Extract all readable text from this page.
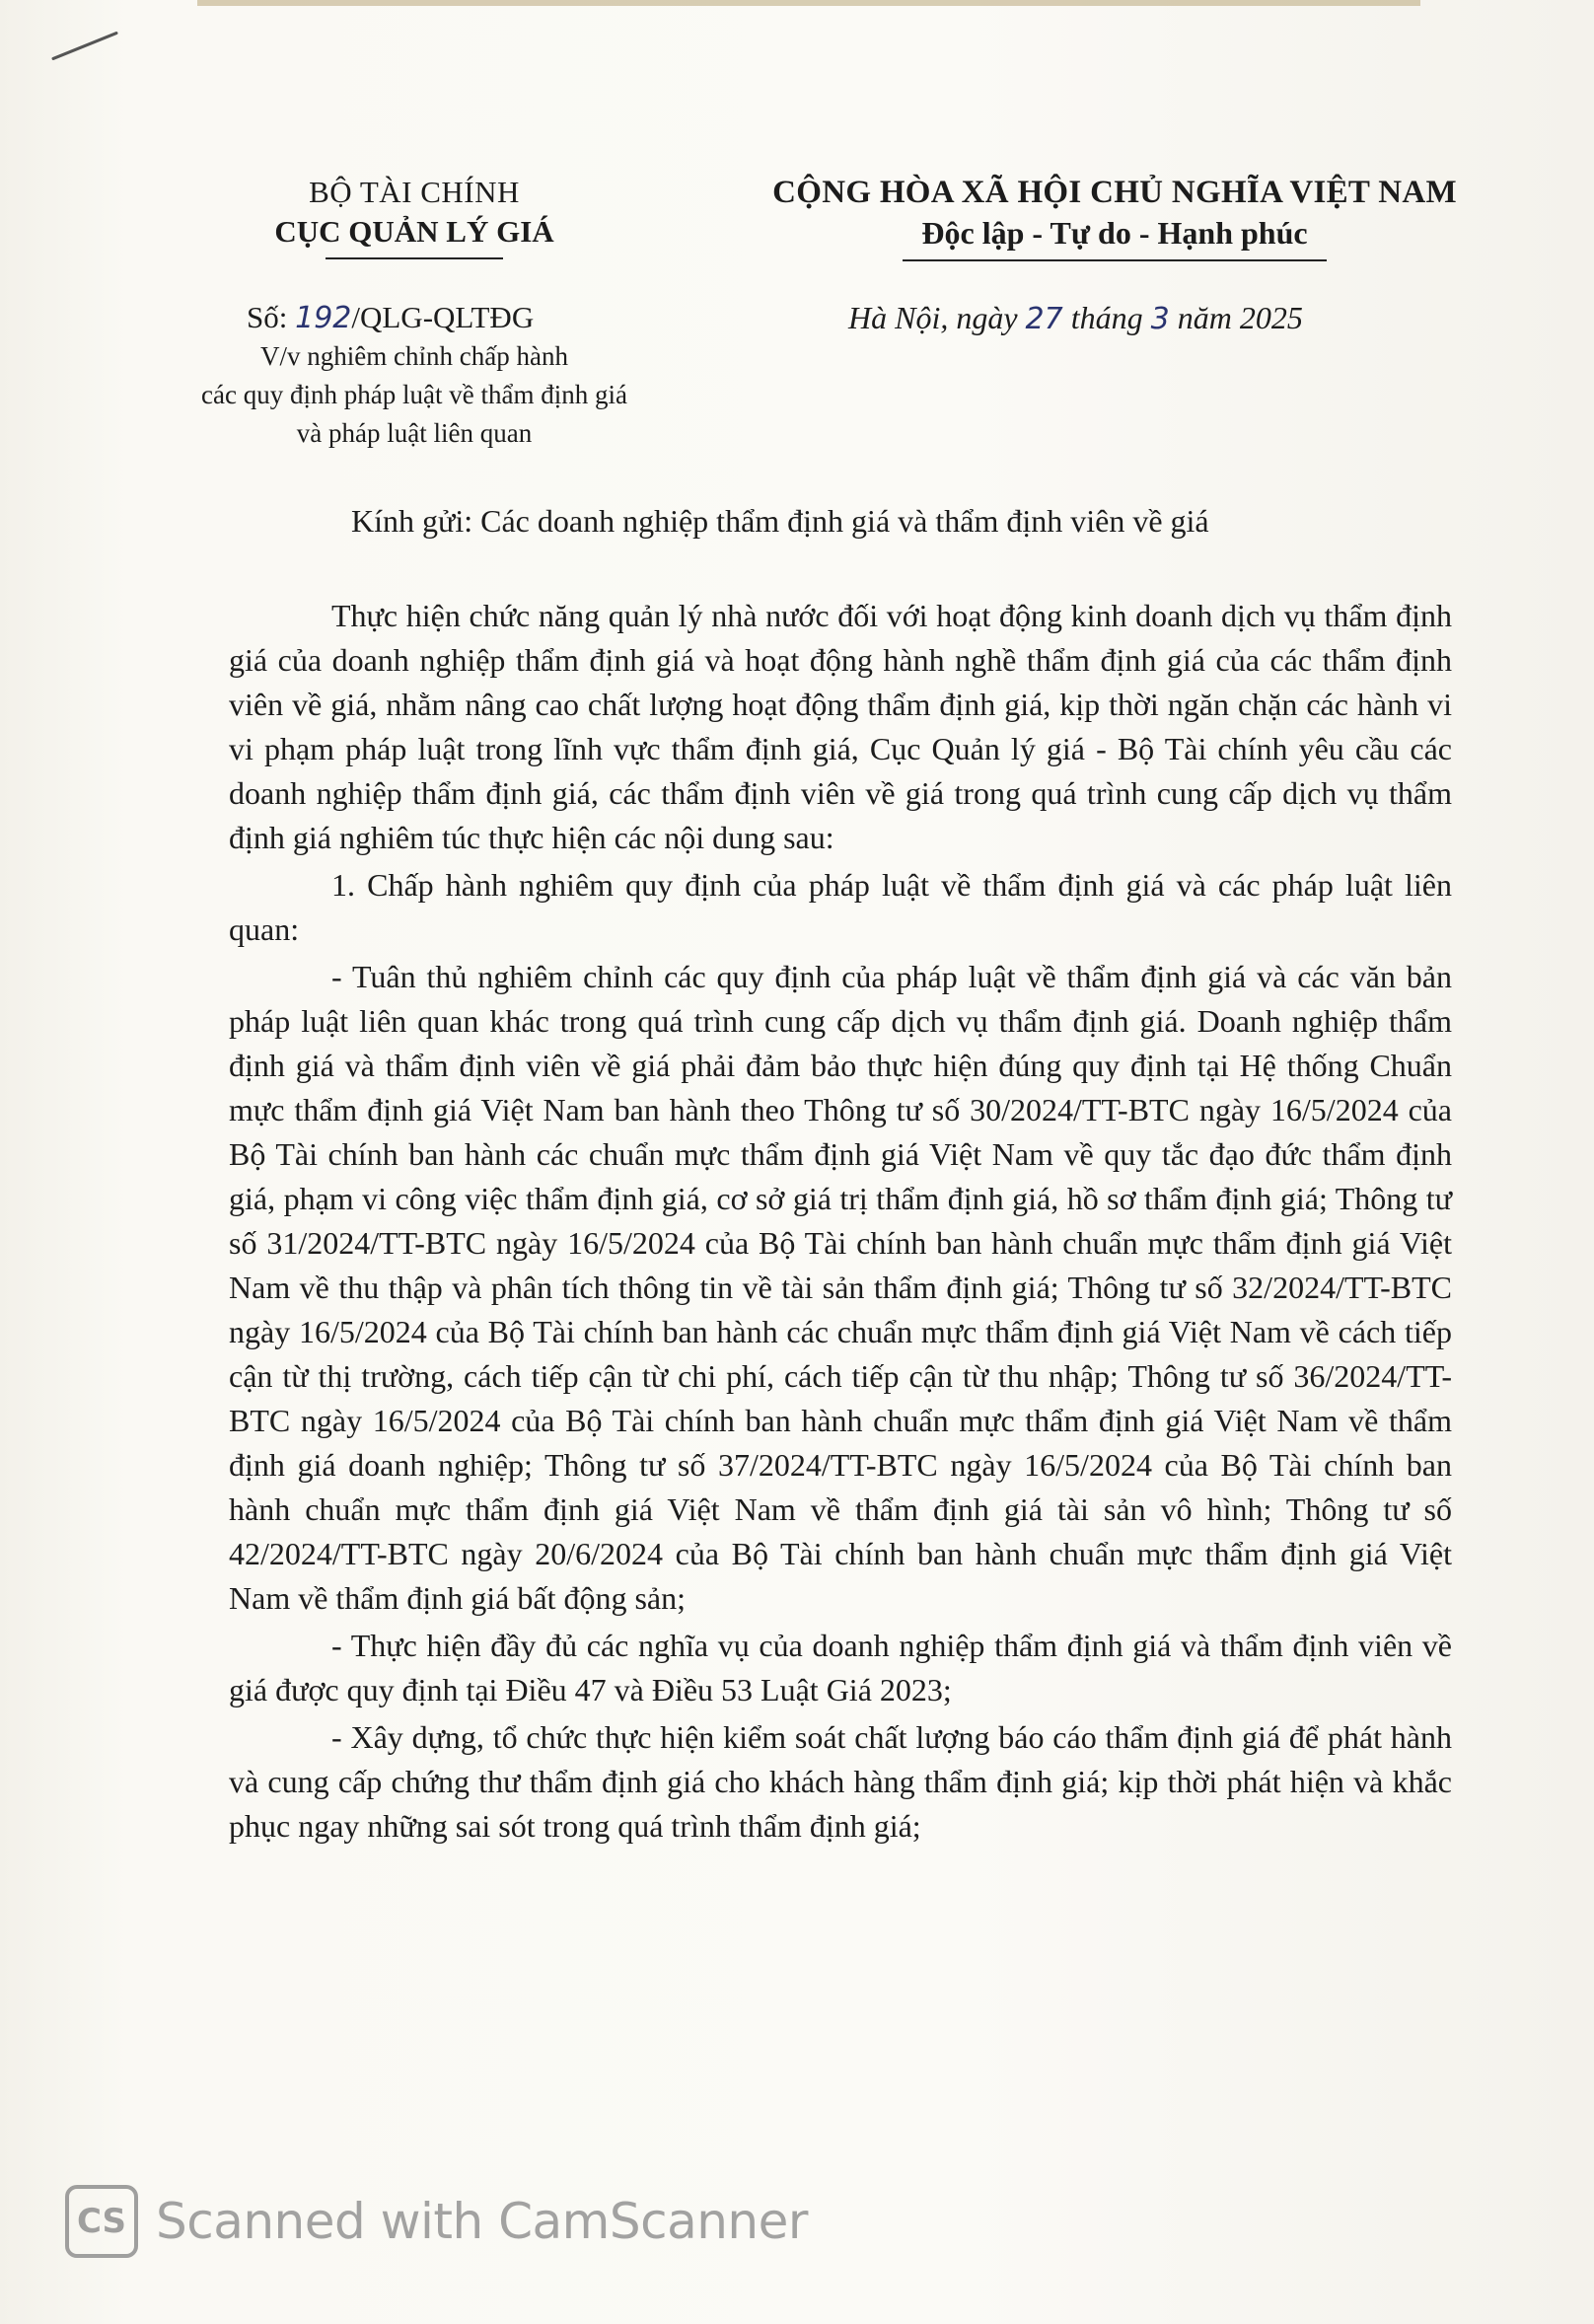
BỘ TÀI CHÍNH
CỤC QUẢN LÝ GIÁ
CỘNG HÒA XÃ HỘI CHỦ NGHĨA VIỆT NAM
Độc lập - Tự do - Hạnh phúc
Số: 192/QLG-QLTĐG
V/v nghiêm chỉnh chấp hành
các quy định pháp luật về thẩm định giá
và pháp luật liên quan
Hà Nội, ngày 27 tháng 3 năm 2025
Kính gửi: Các doanh nghiệp thẩm định giá và thẩm định viên về giá

Thực hiện chức năng quản lý nhà nước đối với hoạt động kinh doanh dịch vụ thẩm định giá của doanh nghiệp thẩm định giá và hoạt động hành nghề thẩm định giá của các thẩm định viên về giá, nhằm nâng cao chất lượng hoạt động thẩm định giá, kịp thời ngăn chặn các hành vi vi phạm pháp luật trong lĩnh vực thẩm định giá, Cục Quản lý giá - Bộ Tài chính yêu cầu các doanh nghiệp thẩm định giá, các thẩm định viên về giá trong quá trình cung cấp dịch vụ thẩm định giá nghiêm túc thực hiện các nội dung sau:

1. Chấp hành nghiêm quy định của pháp luật về thẩm định giá và các pháp luật liên quan:

- Tuân thủ nghiêm chỉnh các quy định của pháp luật về thẩm định giá và các văn bản pháp luật liên quan khác trong quá trình cung cấp dịch vụ thẩm định giá. Doanh nghiệp thẩm định giá và thẩm định viên về giá phải đảm bảo thực hiện đúng quy định tại Hệ thống Chuẩn mực thẩm định giá Việt Nam ban hành theo Thông tư số 30/2024/TT-BTC ngày 16/5/2024 của Bộ Tài chính ban hành các chuẩn mực thẩm định giá Việt Nam về quy tắc đạo đức thẩm định giá, phạm vi công việc thẩm định giá, cơ sở giá trị thẩm định giá, hồ sơ thẩm định giá; Thông tư số 31/2024/TT-BTC ngày 16/5/2024 của Bộ Tài chính ban hành chuẩn mực thẩm định giá Việt Nam về thu thập và phân tích thông tin về tài sản thẩm định giá; Thông tư số 32/2024/TT-BTC ngày 16/5/2024 của Bộ Tài chính ban hành các chuẩn mực thẩm định giá Việt Nam về cách tiếp cận từ thị trường, cách tiếp cận từ chi phí, cách tiếp cận từ thu nhập; Thông tư số 36/2024/TT-BTC ngày 16/5/2024 của Bộ Tài chính ban hành chuẩn mực thẩm định giá Việt Nam về thẩm định giá doanh nghiệp; Thông tư số 37/2024/TT-BTC ngày 16/5/2024 của Bộ Tài chính ban hành chuẩn mực thẩm định giá Việt Nam về thẩm định giá tài sản vô hình; Thông tư số 42/2024/TT-BTC ngày 20/6/2024 của Bộ Tài chính ban hành chuẩn mực thẩm định giá Việt Nam về thẩm định giá bất động sản;

- Thực hiện đầy đủ các nghĩa vụ của doanh nghiệp thẩm định giá và thẩm định viên về giá được quy định tại Điều 47 và Điều 53 Luật Giá 2023;

- Xây dựng, tổ chức thực hiện kiểm soát chất lượng báo cáo thẩm định giá để phát hành và cung cấp chứng thư thẩm định giá cho khách hàng thẩm định giá; kịp thời phát hiện và khắc phục ngay những sai sót trong quá trình thẩm định giá;

CS Scanned with CamScanner
